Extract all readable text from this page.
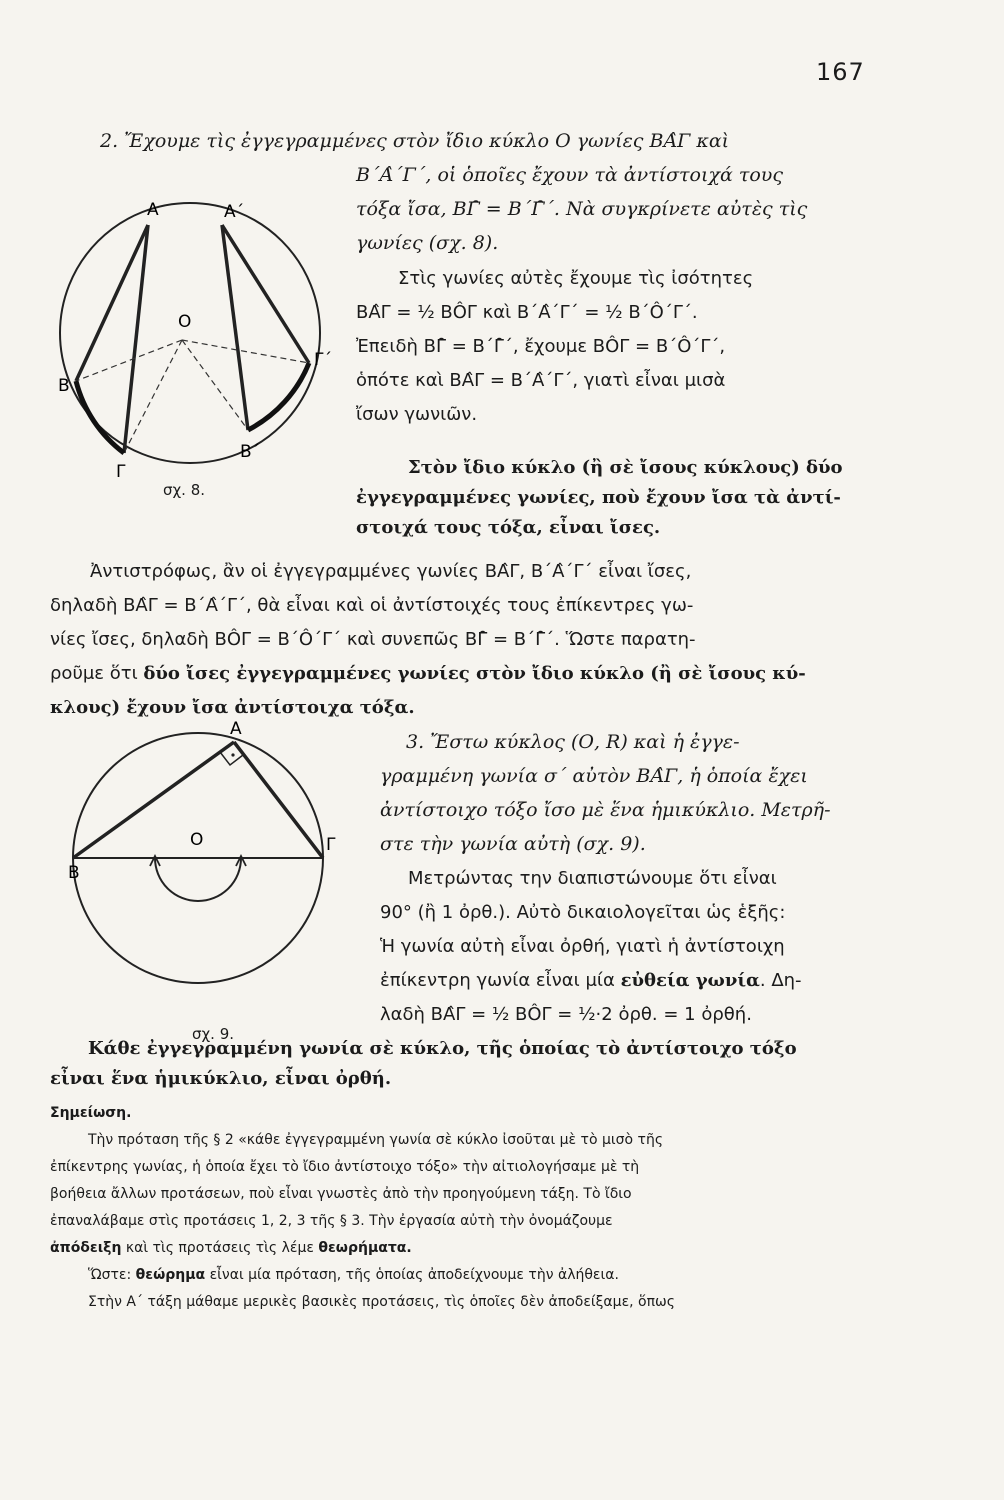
167

2. Ἔχουμε τὶς ἐγγεγραμμένες στὸν ἴδιο κύκλο Ο γωνίες ΒΑ̂Γ καὶ

Β΄Α̂΄Γ΄, οἱ ὁποῖες ἔχουν τὰ ἀντίστοιχά τους

τόξα ἴσα, ΒΓ̑ = Β΄Γ̑΄. Νὰ συγκρίνετε αὐτὲς τὶς

γωνίες (σχ. 8).

Α	Α΄
Ο
Β
Γ
Β΄
Γ΄
σχ. 8.

Στὶς γωνίες αὐτὲς ἔχουμε τὶς ἰσότητες

ΒΑ̂Γ = ½ ΒÔΓ καὶ Β΄Α̂΄Γ΄ = ½ Β΄Ô΄Γ΄.

Ἐπειδὴ ΒΓ̑ = Β΄Γ̑΄, ἔχουμε ΒÔΓ = Β΄Ô΄Γ΄,

ὁπότε καὶ ΒΑ̂Γ = Β΄Α̂΄Γ΄, γιατὶ εἶναι μισὰ

ἴσων γωνιῶν.

Στὸν ἴδιο κύκλο (ἢ σὲ ἴσους κύκλους) δύο

ἐγγεγραμμένες γωνίες, ποὺ ἔχουν ἴσα τὰ ἀντί-

στοιχά τους τόξα, εἶναι ἴσες.

Ἀντιστρόφως, ἂν οἱ ἐγγεγραμμένες γωνίες ΒΑ̂Γ, Β΄Α̂΄Γ΄ εἶναι ἴσες,

δηλαδὴ ΒΑ̂Γ = Β΄Α̂΄Γ΄, θὰ εἶναι καὶ οἱ ἀντίστοιχές τους ἐπίκεντρες γω-

νίες ἴσες, δηλαδὴ ΒÔΓ = Β΄Ô΄Γ΄ καὶ συνεπῶς ΒΓ̑ = Β΄Γ̑΄. Ὥστε παρατη-

ροῦμε ὅτι δύο ἴσες ἐγγεγραμμένες γωνίες στὸν ἴδιο κύκλο (ἢ σὲ ἴσους κύ-

κλους) ἔχουν ἴσα ἀντίστοιχα τόξα.

Α
Ο
Β
Γ
σχ. 9.

3. Ἔστω κύκλος (Ο, R) καὶ ἡ ἐγγε-

γραμμένη γωνία σ΄ αὐτὸν ΒΑ̂Γ, ἡ ὁποία ἔχει

ἀντίστοιχο τόξο ἴσο μὲ ἕνα ἡμικύκλιο. Μετρῆ-

στε τὴν γωνία αὐτὴ (σχ. 9).

Μετρώντας την διαπιστώνουμε ὅτι εἶναι

90° (ἢ 1 ὀρθ.). Αὐτὸ δικαιολογεῖται ὡς ἑξῆς:

Ἡ γωνία αὐτὴ εἶναι ὀρθή, γιατὶ ἡ ἀντίστοιχη

ἐπίκεντρη γωνία εἶναι μία εὐθεία γωνία. Δη-

λαδὴ ΒΑ̂Γ = ½ ΒÔΓ = ½·2 ὀρθ. = 1 ὀρθή.

Κάθε ἐγγεγραμμένη γωνία σὲ κύκλο, τῆς ὁποίας τὸ ἀντίστοιχο τόξο

εἶναι ἕνα ἡμικύκλιο, εἶναι ὀρθή.

Σημείωση.

Τὴν πρόταση τῆς § 2 «κάθε ἐγγεγραμμένη γωνία σὲ κύκλο ἰσοῦται μὲ τὸ μισὸ τῆς

ἐπίκεντρης γωνίας, ἡ ὁποία ἔχει τὸ ἴδιο ἀντίστοιχο τόξο» τὴν αἰτιολογήσαμε μὲ τὴ

βοήθεια ἄλλων προτάσεων, ποὺ εἶναι γνωστὲς ἀπὸ τὴν προηγούμενη τάξη. Τὸ ἴδιο

ἐπαναλάβαμε στὶς προτάσεις 1, 2, 3 τῆς § 3. Τὴν ἐργασία αὐτὴ τὴν ὀνομάζουμε

ἀπόδειξη καὶ τὶς προτάσεις τὶς λέμε θεωρήματα.

Ὥστε: θεώρημα εἶναι μία πρόταση, τῆς ὁποίας ἀποδείχνουμε τὴν ἀλήθεια.

Στὴν Α΄ τάξη μάθαμε μερικὲς βασικὲς προτάσεις, τὶς ὁποῖες δὲν ἀποδείξαμε, ὅπως
